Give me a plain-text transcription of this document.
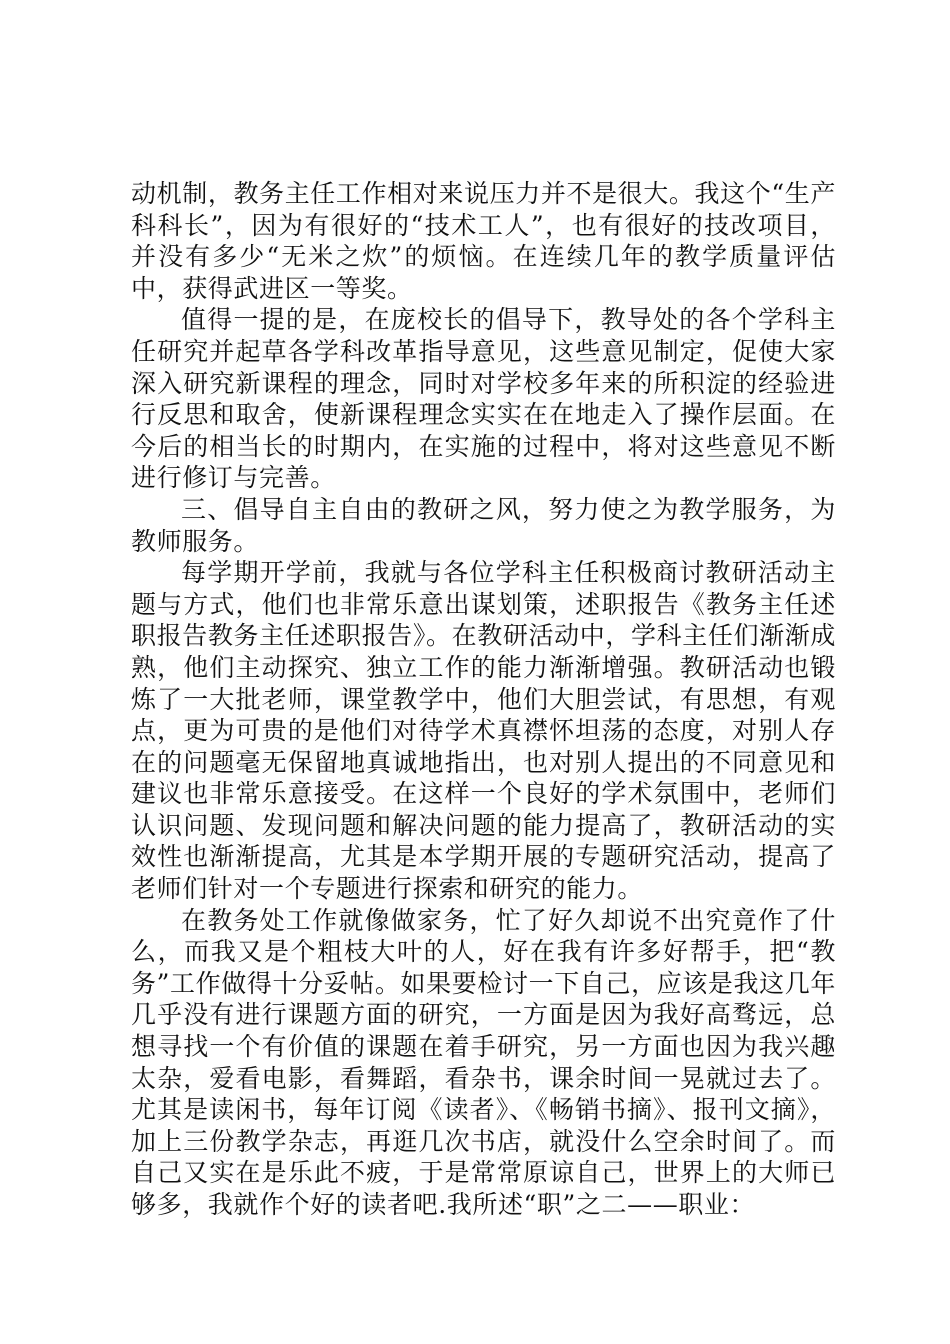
动机制，教务主任工作相对来说压力并不是很大。我这个“生产科科长”，因为有很好的“技术工人”，也有很好的技改项目，并没有多少“无米之炊”的烦恼。在连续几年的教学质量评估中，获得武进区一等奖。

值得一提的是，在庞校长的倡导下，教导处的各个学科主任研究并起草各学科改革指导意见，这些意见制定，促使大家深入研究新课程的理念，同时对学校多年来的所积淀的经验进行反思和取舍，使新课程理念实实在在地走入了操作层面。在今后的相当长的时期内，在实施的过程中，将对这些意见不断进行修订与完善。

三、倡导自主自由的教研之风，努力使之为教学服务，为教师服务。

每学期开学前，我就与各位学科主任积极商讨教研活动主题与方式，他们也非常乐意出谋划策，述职报告《教务主任述职报告教务主任述职报告》。在教研活动中，学科主任们渐渐成熟，他们主动探究、独立工作的能力渐渐增强。教研活动也锻炼了一大批老师，课堂教学中，他们大胆尝试，有思想，有观点，更为可贵的是他们对待学术真襟怀坦荡的态度，对别人存在的问题毫无保留地真诚地指出，也对别人提出的不同意见和建议也非常乐意接受。在这样一个良好的学术氛围中，老师们认识问题、发现问题和解决问题的能力提高了，教研活动的实效性也渐渐提高，尤其是本学期开展的专题研究活动，提高了老师们针对一个专题进行探索和研究的能力。

在教务处工作就像做家务，忙了好久却说不出究竟作了什么，而我又是个粗枝大叶的人，好在我有许多好帮手，把“教务”工作做得十分妥帖。如果要检讨一下自己，应该是我这几年几乎没有进行课题方面的研究，一方面是因为我好高骛远，总想寻找一个有价值的课题在着手研究，另一方面也因为我兴趣太杂，爱看电影，看舞蹈，看杂书，课余时间一晃就过去了。尤其是读闲书，每年订阅《读者》、《畅销书摘》、报刊文摘》，加上三份教学杂志，再逛几次书店，就没什么空余时间了。而自己又实在是乐此不疲，于是常常原谅自己，世界上的大师已够多，我就作个好的读者吧.我所述“职”之二——职业：
